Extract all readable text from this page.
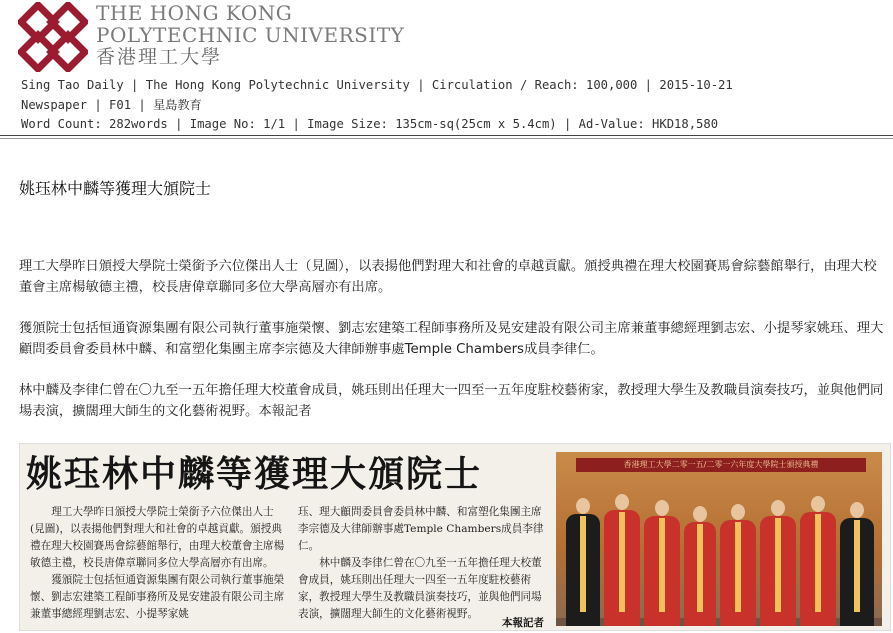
THE HONG KONG
POLYTECHNIC UNIVERSITY
香港理工大學
Sing Tao Daily | The Hong Kong Polytechnic University | Circulation / Reach: 100,000 | 2015-10-21
Newspaper | F01 | 星島教育
Word Count: 282words | Image No: 1/1 | Image Size: 135cm-sq(25cm x 5.4cm) | Ad-Value: HKD18,580
姚珏林中麟等獲理大頒院士
理工大學昨日頒授大學院士榮銜予六位傑出人士（見圖），以表揚他們對理大和社會的卓越貢獻。頒授典禮在理大校園賽馬會綜藝館舉行，由理大校董會主席楊敏德主禮，校長唐偉章聯同多位大學高層亦有出席。
獲頒院士包括恒通資源集團有限公司執行董事施榮懷、劉志宏建築工程師事務所及晃安建設有限公司主席兼董事總經理劉志宏、小提琴家姚珏、理大顧問委員會委員林中麟、和富塑化集團主席李宗德及大律師辦事處Temple Chambers成員李律仁。
林中麟及李律仁曾在〇九至一五年擔任理大校董會成員，姚珏則出任理大一四至一五年度駐校藝術家，教授理大學生及教職員演奏技巧，並與他們同場表演，擴闊理大師生的文化藝術視野。本報記者
姚珏林中麟等獲理大頒院士

理工大學昨日頒授大學院士榮銜予六位傑出人士(見圖)，以表揚他們對理大和社會的卓越貢獻。頒授典禮在理大校園賽馬會綜藝館舉行，由理大校董會主席楊敏德主禮，校長唐偉章聯同多位大學高層亦有出席。

獲頒院士包括恒通資源集團有限公司執行董事施榮懷、劉志宏建築工程師事務所及晃安建設有限公司主席兼董事總經理劉志宏、小提琴家姚

珏、理大顧問委員會委員林中麟、和富塑化集團主席李宗德及大律師辦事處Temple Chambers成員李律仁。

林中麟及李律仁曾在〇九至一五年擔任理大校董會成員，姚珏則出任理大一四至一五年度駐校藝術家，教授理大學生及教職員演奏技巧，並與他們同場表演，擴闊理大師生的文化藝術視野。

本報記者
香港理工大學二零一五/二零一六年度大學院士頒授典禮
